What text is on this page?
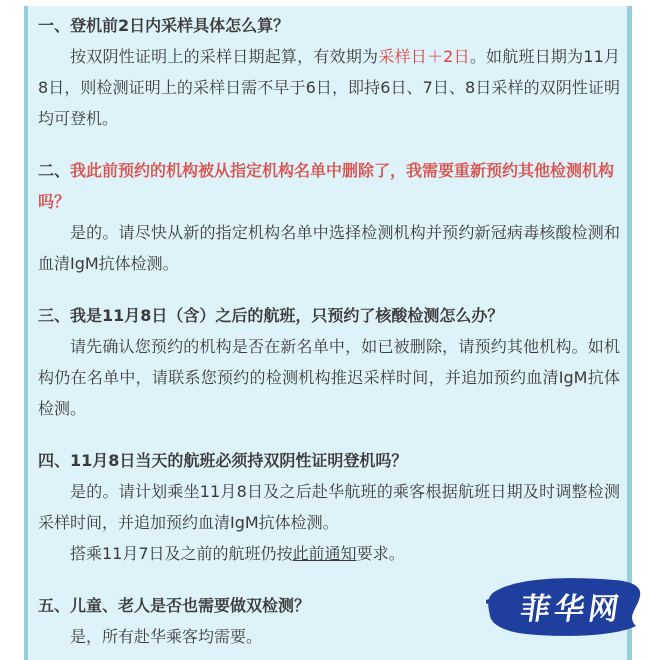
一、登机前2日内采样具体怎么算？

按双阴性证明上的采样日期起算，有效期为采样日＋2日。如航班日期为11月8日，则检测证明上的采样日需不早于6日，即持6日、7日、8日采样的双阴性证明均可登机。

二、我此前预约的机构被从指定机构名单中删除了，我需要重新预约其他检测机构吗？

是的。请尽快从新的指定机构名单中选择检测机构并预约新冠病毒核酸检测和血清IgM抗体检测。

三、我是11月8日（含）之后的航班，只预约了核酸检测怎么办？

请先确认您预约的机构是否在新名单中，如已被删除，请预约其他机构。如机构仍在名单中，请联系您预约的检测机构推迟采样时间，并追加预约血清IgM抗体检测。

四、11月8日当天的航班必须持双阴性证明登机吗？

是的。请计划乘坐11月8日及之后赴华航班的乘客根据航班日期及时调整检测采样时间，并追加预约血清IgM抗体检测。

搭乘11月7日及之前的航班仍按此前通知要求。

五、儿童、老人是否也需要做双检测？

是，所有赴华乘客均需要。

菲华网
